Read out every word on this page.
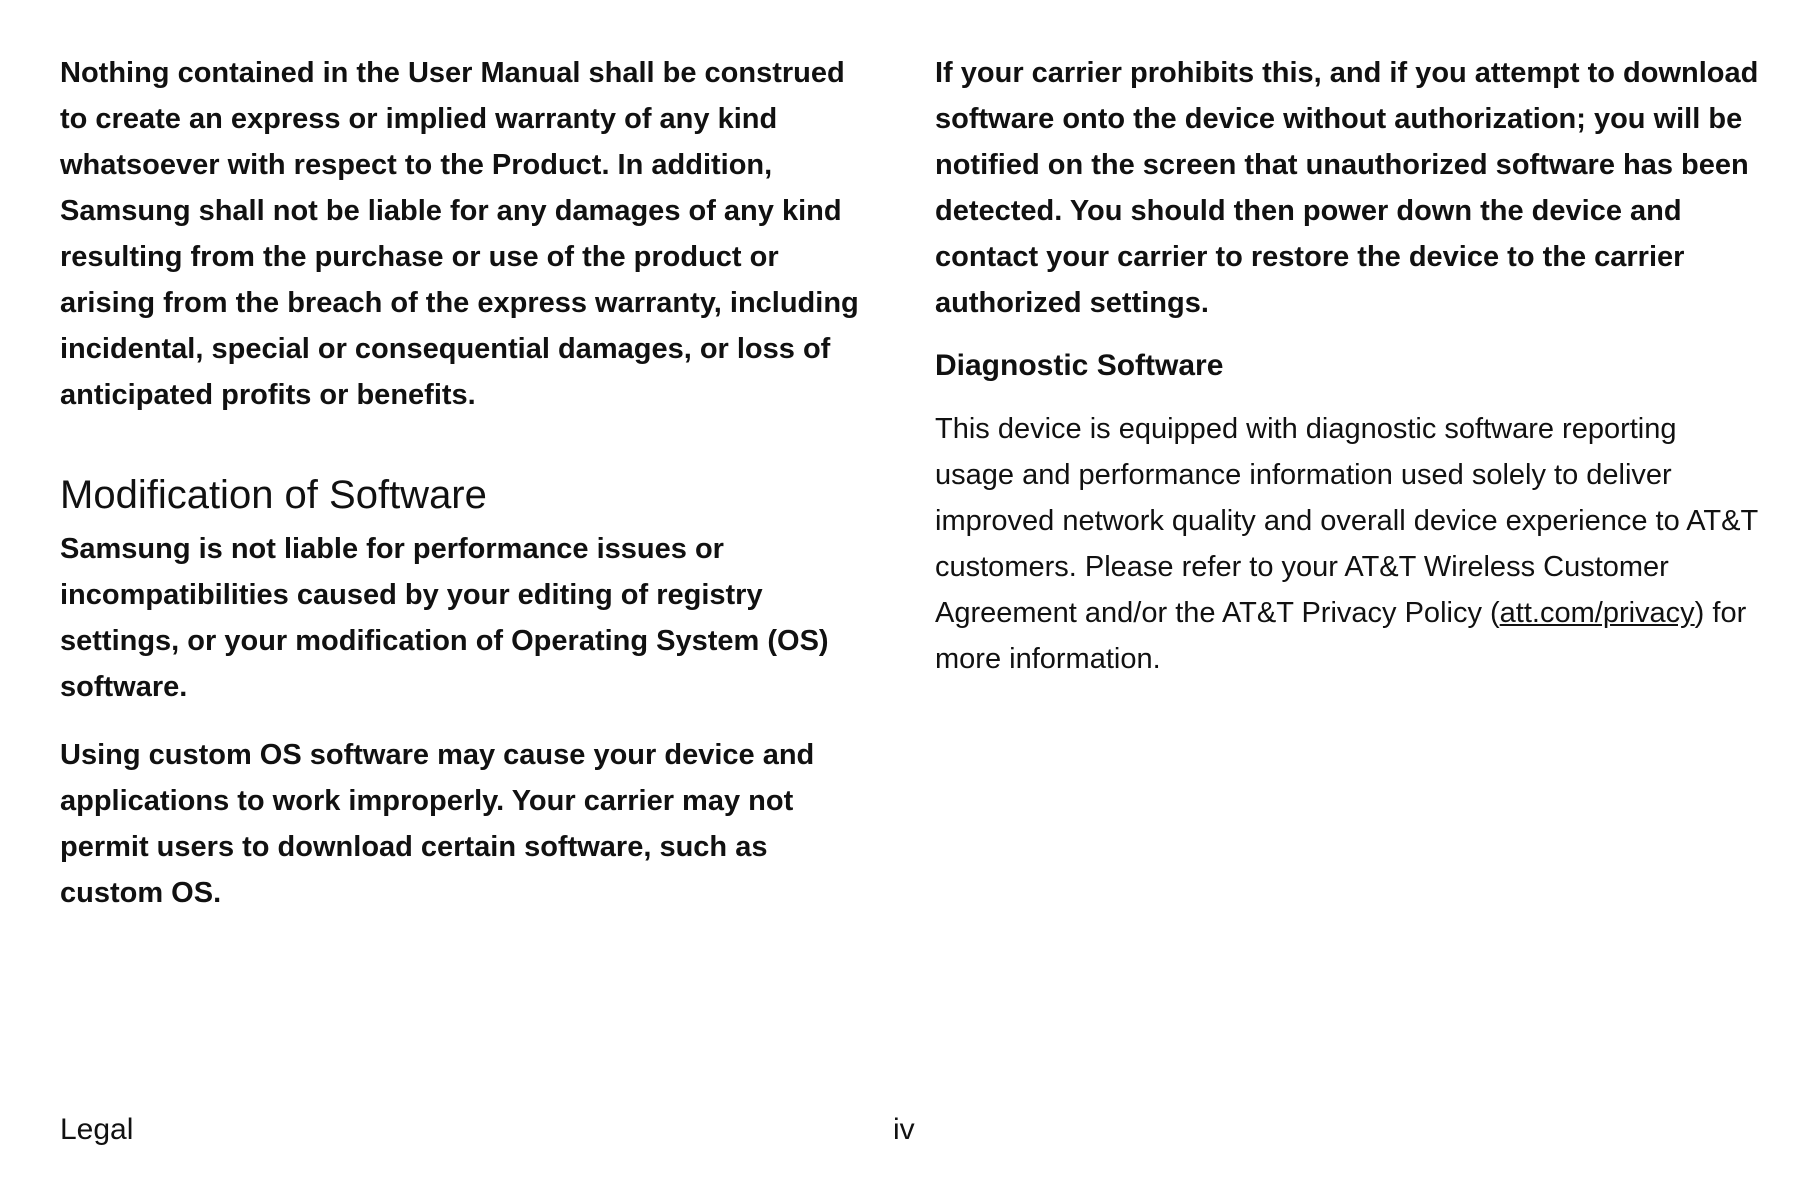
Nothing contained in the User Manual shall be construed to create an express or implied warranty of any kind whatsoever with respect to the Product. In addition, Samsung shall not be liable for any damages of any kind resulting from the purchase or use of the product or arising from the breach of the express warranty, including incidental, special or consequential damages, or loss of anticipated profits or benefits.

Modification of Software

Samsung is not liable for performance issues or incompatibilities caused by your editing of registry settings, or your modification of Operating System (OS) software.

Using custom OS software may cause your device and applications to work improperly. Your carrier may not permit users to download certain software, such as custom OS.

If your carrier prohibits this, and if you attempt to download software onto the device without authorization; you will be notified on the screen that unauthorized software has been detected. You should then power down the device and contact your carrier to restore the device to the carrier authorized settings.

Diagnostic Software

This device is equipped with diagnostic software reporting usage and performance information used solely to deliver improved network quality and overall device experience to AT&T customers. Please refer to your AT&T Wireless Customer Agreement and/or the AT&T Privacy Policy (att.com/privacy) for more information.

Legal	iv
